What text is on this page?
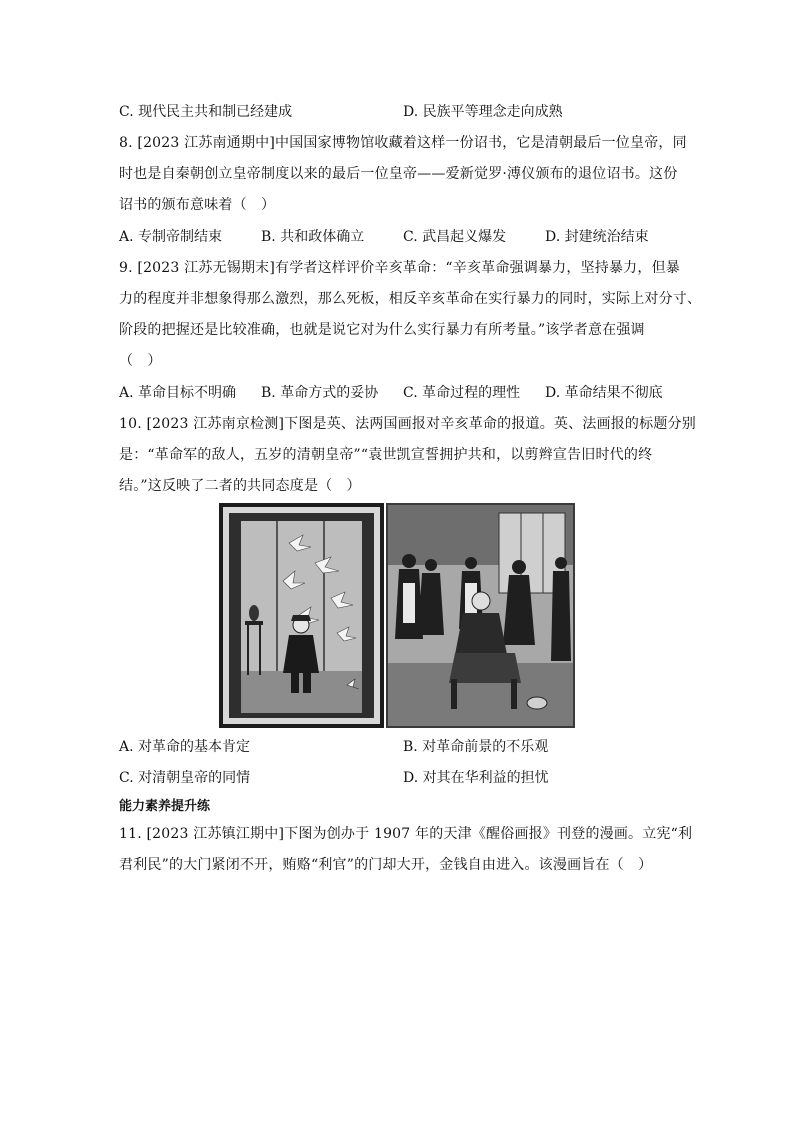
C. 现代民主共和制已经建成	D. 民族平等理念走向成熟
8. [2023 江苏南通期中]中国国家博物馆收藏着这样一份诏书，它是清朝最后一位皇帝，同
时也是自秦朝创立皇帝制度以来的最后一位皇帝——爱新觉罗·溥仪颁布的退位诏书。这份
诏书的颁布意味着（　）
A. 专制帝制结束	B. 共和政体确立	C. 武昌起义爆发	D. 封建统治结束
9. [2023 江苏无锡期末]有学者这样评价辛亥革命：“辛亥革命强调暴力，坚持暴力，但暴
力的程度并非想象得那么激烈，那么死板，相反辛亥革命在实行暴力的同时，实际上对分寸、
阶段的把握还是比较准确，也就是说它对为什么实行暴力有所考量。”该学者意在强调
（　）
A. 革命目标不明确 B. 革命方式的妥协 C. 革命过程的理性 D. 革命结果不彻底
10. [2023 江苏南京检测]下图是英、法两国画报对辛亥革命的报道。英、法画报的标题分别
是：“革命军的敌人，五岁的清朝皇帝”“袁世凯宣誓拥护共和，以剪辫宣告旧时代的终
结。”这反映了二者的共同态度是（　）
A. 对革命的基本肯定	B. 对革命前景的不乐观
C. 对清朝皇帝的同情	D. 对其在华利益的担忧
能力素养提升练
11. [2023 江苏镇江期中]下图为创办于 1907 年的天津《醒俗画报》刊登的漫画。立宪“利
君利民”的大门紧闭不开，贿赂“利官”的门却大开，金钱自由进入。该漫画旨在（　）
